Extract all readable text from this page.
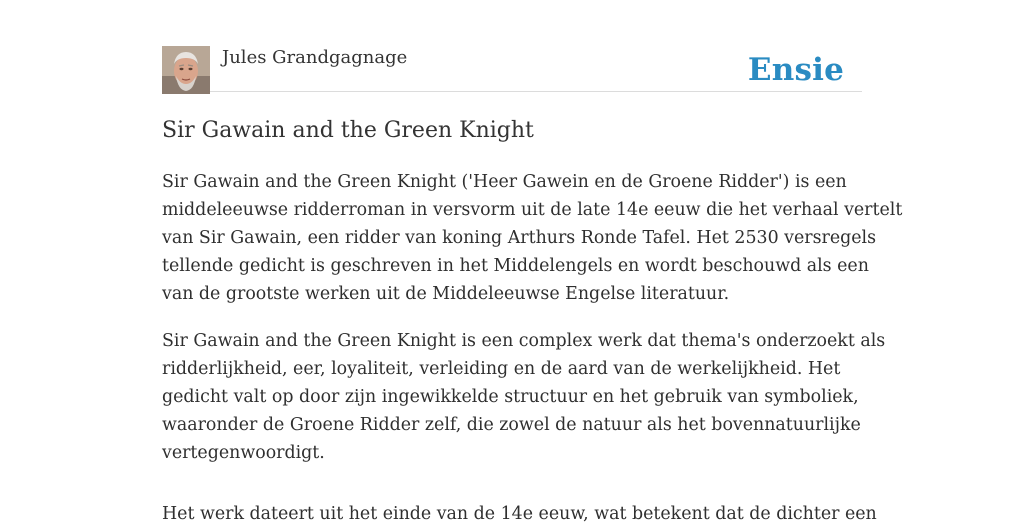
Jules Grandgagnage	Ensie
Sir Gawain and the Green Knight

Sir Gawain and the Green Knight ('Heer Gawein en de Groene Ridder') is een
middeleeuwse ridderroman in versvorm uit de late 14e eeuw die het verhaal vertelt
van Sir Gawain, een ridder van koning Arthurs Ronde Tafel. Het 2530 versregels
tellende gedicht is geschreven in het Middelengels en wordt beschouwd als een
van de grootste werken uit de Middeleeuwse Engelse literatuur.

Sir Gawain and the Green Knight is een complex werk dat thema's onderzoekt als
ridderlijkheid, eer, loyaliteit, verleiding en de aard van de werkelijkheid. Het
gedicht valt op door zijn ingewikkelde structuur en het gebruik van symboliek,
waaronder de Groene Ridder zelf, die zowel de natuur als het bovennatuurlijke
vertegenwoordigt.

Het werk dateert uit het einde van de 14e eeuw, wat betekent dat de dichter een
